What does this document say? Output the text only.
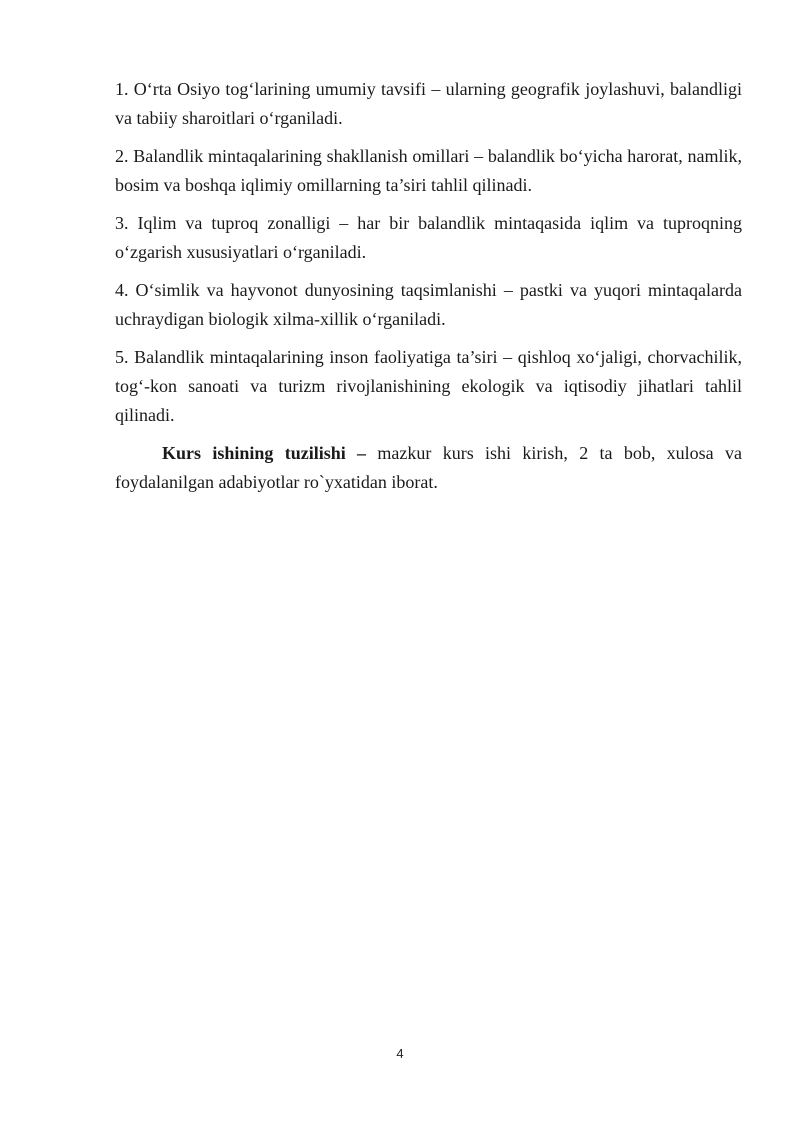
1. O‘rta Osiyo tog‘larining umumiy tavsifi – ularning geografik joylashuvi, balandligi va tabiiy sharoitlari o‘rganiladi.

2. Balandlik mintaqalarining shakllanish omillari – balandlik bo‘yicha harorat, namlik, bosim va boshqa iqlimiy omillarning ta’siri tahlil qilinadi.

3. Iqlim va tuproq zonalligi – har bir balandlik mintaqasida iqlim va tuproqning o‘zgarish xususiyatlari o‘rganiladi.

4. O‘simlik va hayvonot dunyosining taqsimlanishi – pastki va yuqori mintaqalarda uchraydigan biologik xilma-xillik o‘rganiladi.

5. Balandlik mintaqalarining inson faoliyatiga ta’siri – qishloq xo‘jaligi, chorvachilik, tog‘-kon sanoati va turizm rivojlanishining ekologik va iqtisodiy jihatlari tahlil qilinadi.

Kurs ishining tuzilishi – mazkur kurs ishi kirish, 2 ta bob, xulosa va foydalanilgan adabiyotlar ro`yxatidan iborat.

4
